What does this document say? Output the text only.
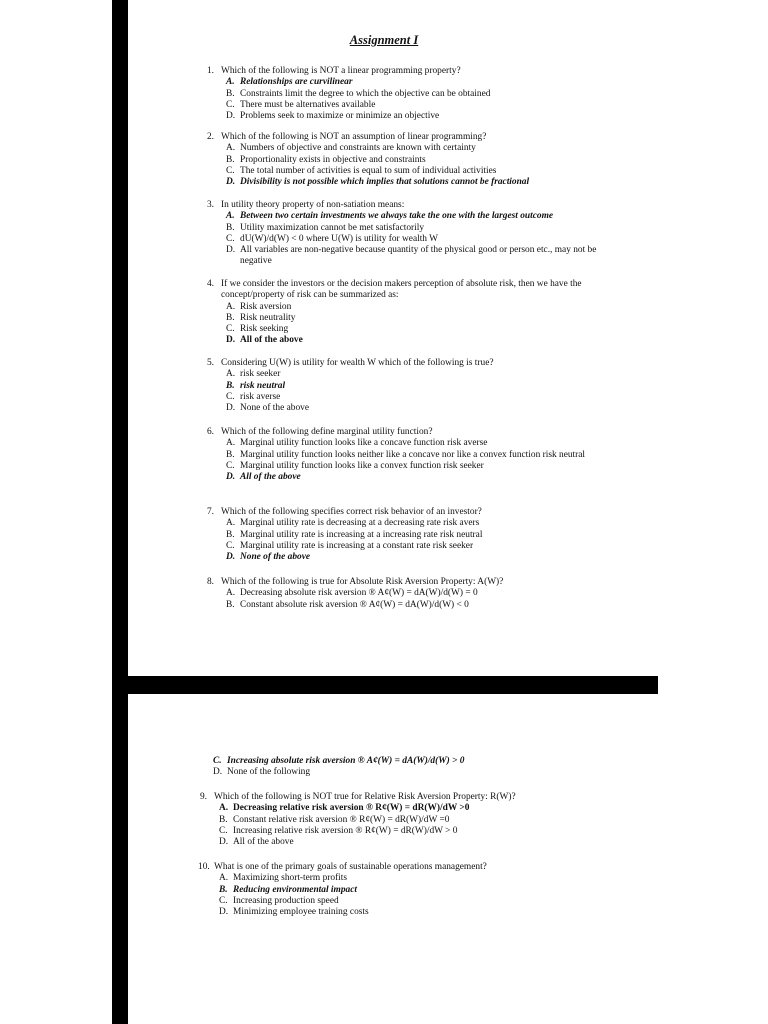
Assignment I
1. Which of the following is NOT a linear programming property?
A. Relationships are curvilinear
B. Constraints limit the degree to which the objective can be obtained
C. There must be alternatives available
D. Problems seek to maximize or minimize an objective
2. Which of the following is NOT an assumption of linear programming?
A. Numbers of objective and constraints are known with certainty
B. Proportionality exists in objective and constraints
C. The total number of activities is equal to sum of individual activities
D. Divisibility is not possible which implies that solutions cannot be fractional
3. In utility theory property of non-satiation means:
A. Between two certain investments we always take the one with the largest outcome
B. Utility maximization cannot be met satisfactorily
C. dU(W)/d(W) < 0 where U(W) is utility for wealth W
D. All variables are non-negative because quantity of the physical good or person etc., may not be negative
4. If we consider the investors or the decision makers perception of absolute risk, then we have the concept/property of risk can be summarized as:
A. Risk aversion
B. Risk neutrality
C. Risk seeking
D. All of the above
5. Considering U(W) is utility for wealth W which of the following is true?
A. risk seeker
B. risk neutral
C. risk averse
D. None of the above
6. Which of the following define marginal utility function?
A. Marginal utility function looks like a concave function risk averse
B. Marginal utility function looks neither like a concave nor like a convex function risk neutral
C. Marginal utility function looks like a convex function risk seeker
D. All of the above
7. Which of the following specifies correct risk behavior of an investor?
A. Marginal utility rate is decreasing at a decreasing rate risk avers
B. Marginal utility rate is increasing at a increasing rate risk neutral
C. Marginal utility rate is increasing at a constant rate risk seeker
D. None of the above
8. Which of the following is true for Absolute Risk Aversion Property: A(W)?
A. Decreasing absolute risk aversion ® A¢(W) = dA(W)/d(W) = 0
B. Constant absolute risk aversion ® A¢(W) = dA(W)/d(W) < 0
C. Increasing absolute risk aversion ® A¢(W) = dA(W)/d(W) > 0
D. None of the following
9. Which of the following is NOT true for Relative Risk Aversion Property: R(W)?
A. Decreasing relative risk aversion ® R¢(W) = dR(W)/dW >0
B. Constant relative risk aversion ® R¢(W) = dR(W)/dW =0
C. Increasing relative risk aversion ® R¢(W) = dR(W)/dW > 0
D. All of the above
10. What is one of the primary goals of sustainable operations management?
A. Maximizing short-term profits
B. Reducing environmental impact
C. Increasing production speed
D. Minimizing employee training costs
